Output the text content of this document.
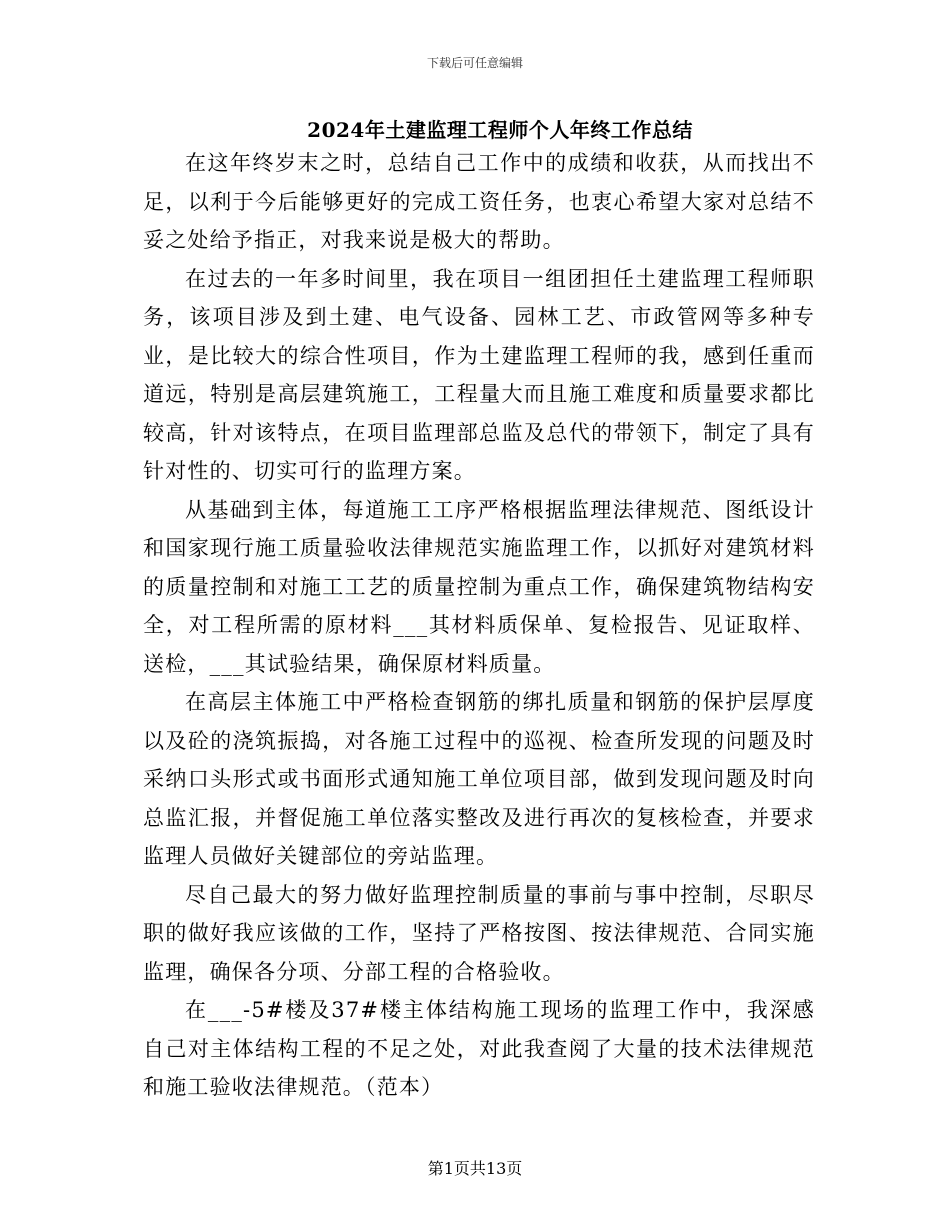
下载后可任意编辑
2024年土建监理工程师个人年终工作总结

在这年终岁末之时，总结自己工作中的成绩和收获，从而找出不足，以利于今后能够更好的完成工资任务，也衷心希望大家对总结不妥之处给予指正，对我来说是极大的帮助。

在过去的一年多时间里，我在项目一组团担任土建监理工程师职务，该项目涉及到土建、电气设备、园林工艺、市政管网等多种专业，是比较大的综合性项目，作为土建监理工程师的我，感到任重而道远，特别是高层建筑施工，工程量大而且施工难度和质量要求都比较高，针对该特点，在项目监理部总监及总代的带领下，制定了具有针对性的、切实可行的监理方案。

从基础到主体，每道施工工序严格根据监理法律规范、图纸设计和国家现行施工质量验收法律规范实施监理工作，以抓好对建筑材料的质量控制和对施工工艺的质量控制为重点工作，确保建筑物结构安全，对工程所需的原材料___其材料质保单、复检报告、见证取样、送检，___其试验结果，确保原材料质量。

在高层主体施工中严格检查钢筋的绑扎质量和钢筋的保护层厚度以及砼的浇筑振捣，对各施工过程中的巡视、检查所发现的问题及时采纳口头形式或书面形式通知施工单位项目部，做到发现问题及时向总监汇报，并督促施工单位落实整改及进行再次的复核检查，并要求监理人员做好关键部位的旁站监理。

尽自己最大的努力做好监理控制质量的事前与事中控制，尽职尽职的做好我应该做的工作，坚持了严格按图、按法律规范、合同实施监理，确保各分项、分部工程的合格验收。

在___-5#楼及37#楼主体结构施工现场的监理工作中，我深感自己对主体结构工程的不足之处，对此我查阅了大量的技术法律规范和施工验收法律规范。（范本）

第1页共13页
